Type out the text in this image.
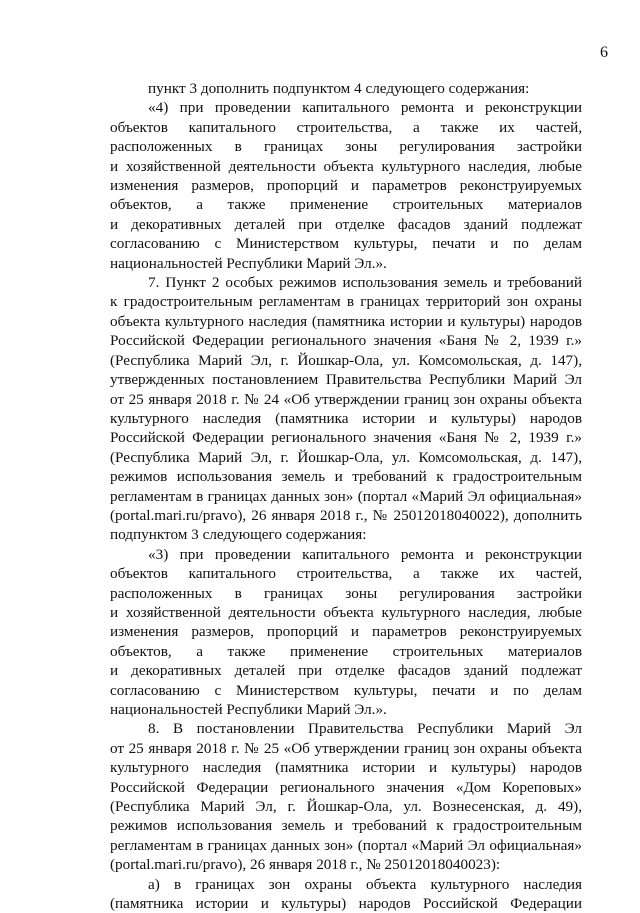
6
пункт 3 дополнить подпунктом 4 следующего содержания:
«4) при проведении капитального ремонта и реконструкции
объектов капитального строительства, а также их частей,
расположенных в границах зоны регулирования застройки
и хозяйственной деятельности объекта культурного наследия, любые
изменения размеров, пропорций и параметров реконструируемых
объектов, а также применение строительных материалов
и декоративных деталей при отделке фасадов зданий подлежат
согласованию с Министерством культуры, печати и по делам
национальностей Республики Марий Эл.».
7. Пункт 2 особых режимов использования земель и требований
к градостроительным регламентам в границах территорий зон охраны
объекта культурного наследия (памятника истории и культуры) народов
Российской Федерации регионального значения «Баня № 2, 1939 г.»
(Республика Марий Эл, г. Йошкар-Ола, ул. Комсомольская, д. 147),
утвержденных постановлением Правительства Республики Марий Эл
от 25 января 2018 г. № 24 «Об утверждении границ зон охраны объекта
культурного наследия (памятника истории и культуры) народов
Российской Федерации регионального значения «Баня № 2, 1939 г.»
(Республика Марий Эл, г. Йошкар-Ола, ул. Комсомольская, д. 147),
режимов использования земель и требований к градостроительным
регламентам в границах данных зон» (портал «Марий Эл официальная»
(portal.mari.ru/pravo), 26 января 2018 г., № 25012018040022), дополнить
подпунктом 3 следующего содержания:
«3) при проведении капитального ремонта и реконструкции
объектов капитального строительства, а также их частей,
расположенных в границах зоны регулирования застройки
и хозяйственной деятельности объекта культурного наследия, любые
изменения размеров, пропорций и параметров реконструируемых
объектов, а также применение строительных материалов
и декоративных деталей при отделке фасадов зданий подлежат
согласованию с Министерством культуры, печати и по делам
национальностей Республики Марий Эл.».
8. В постановлении Правительства Республики Марий Эл
от 25 января 2018 г. № 25 «Об утверждении границ зон охраны объекта
культурного наследия (памятника истории и культуры) народов
Российской Федерации регионального значения «Дом Кореповых»
(Республика Марий Эл, г. Йошкар-Ола, ул. Вознесенская, д. 49),
режимов использования земель и требований к градостроительным
регламентам в границах данных зон» (портал «Марий Эл официальная»
(portal.mari.ru/pravo), 26 января 2018 г., № 25012018040023):
а) в границах зон охраны объекта культурного наследия
(памятника истории и культуры) народов Российской Федерации
